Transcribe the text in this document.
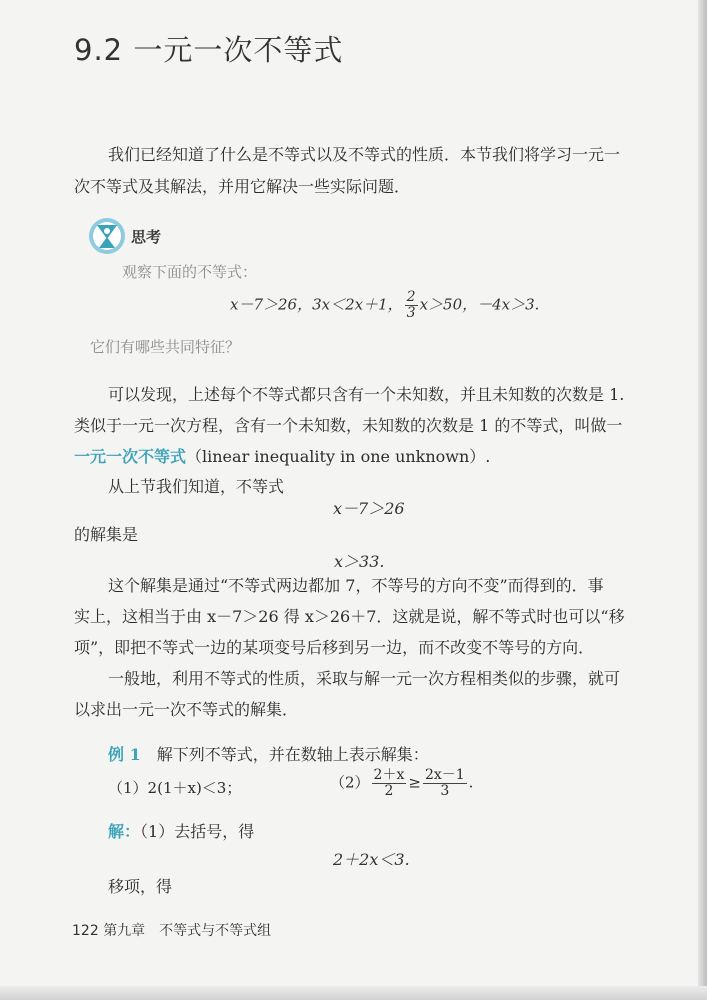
9.2 一元一次不等式

我们已经知道了什么是不等式以及不等式的性质．本节我们将学习一元一

次不等式及其解法，并用它解决一些实际问题．

思考

观察下面的不等式：

x－7＞26，3x＜2x＋1， $\frac{2}{3} x>50$，－4x＞3.

它们有哪些共同特征？

可以发现，上述每个不等式都只含有一个未知数，并且未知数的次数是 1.

类似于一元一次方程，含有一个未知数，未知数的次数是 1 的不等式，叫做一

一元一次不等式（linear inequality in one unknown）.

从上节我们知道，不等式

x－7＞26

的解集是

x＞33.

这个解集是通过“不等式两边都加 7，不等号的方向不变”而得到的．事

实上，这相当于由 x－7＞26 得 x＞26＋7．这就是说，解不等式时也可以“移

项”，即把不等式一边的某项变号后移到另一边，而不改变不等号的方向．

一般地，利用不等式的性质，采取与解一元一次方程相类似的步骤，就可

以求出一元一次不等式的解集．

例 1　 解下列不等式，并在数轴上表示解集：

（1）2(1＋x)＜3；	$(2) \frac{2+x}{2} \ge \frac{2x-1}{3}$ .

解：（1）去括号，得

2＋2x＜3.

移项，得

122 第九章　不等式与不等式组
